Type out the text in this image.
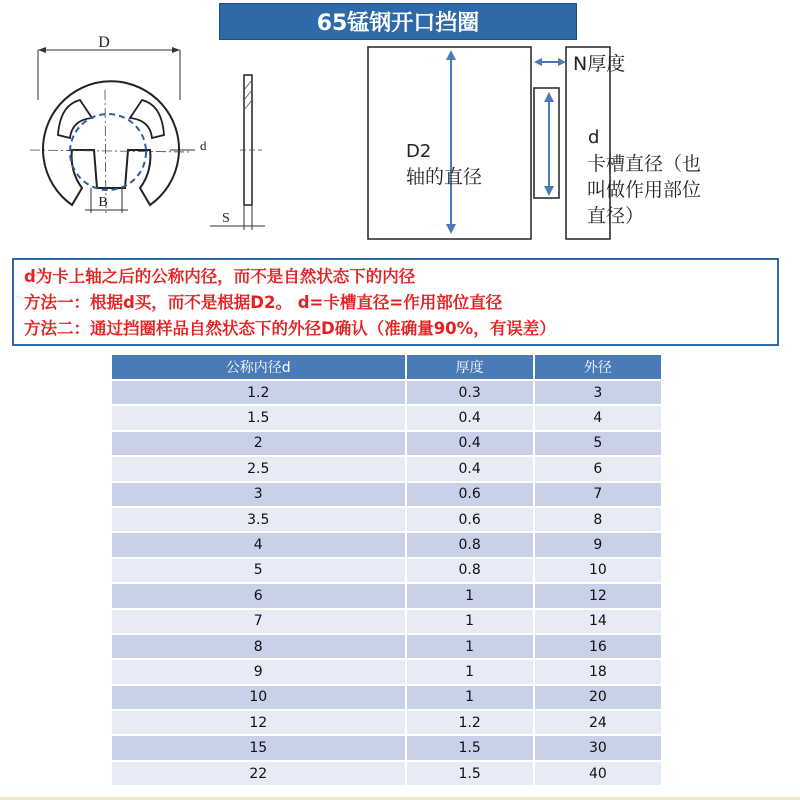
65锰钢开口挡圈
D
d
B
S
N厚度
D2
轴的直径
d
卡槽直径（也
叫做作用部位
直径）
d为卡上轴之后的公称内径，而不是自然状态下的内径
方法一：根据d买，而不是根据D2。 d=卡槽直径=作用部位直径
方法二：通过挡圈样品自然状态下的外径D确认（准确量90%，有误差）
公称内径d	厚度	外径
1.2	0.3	3
1.5	0.4	4
2	0.4	5
2.5	0.4	6
3	0.6	7
3.5	0.6	8
4	0.8	9
5	0.8	10
6	1	12
7	1	14
8	1	16
9	1	18
10	1	20
12	1.2	24
15	1.5	30
22	1.5	40
